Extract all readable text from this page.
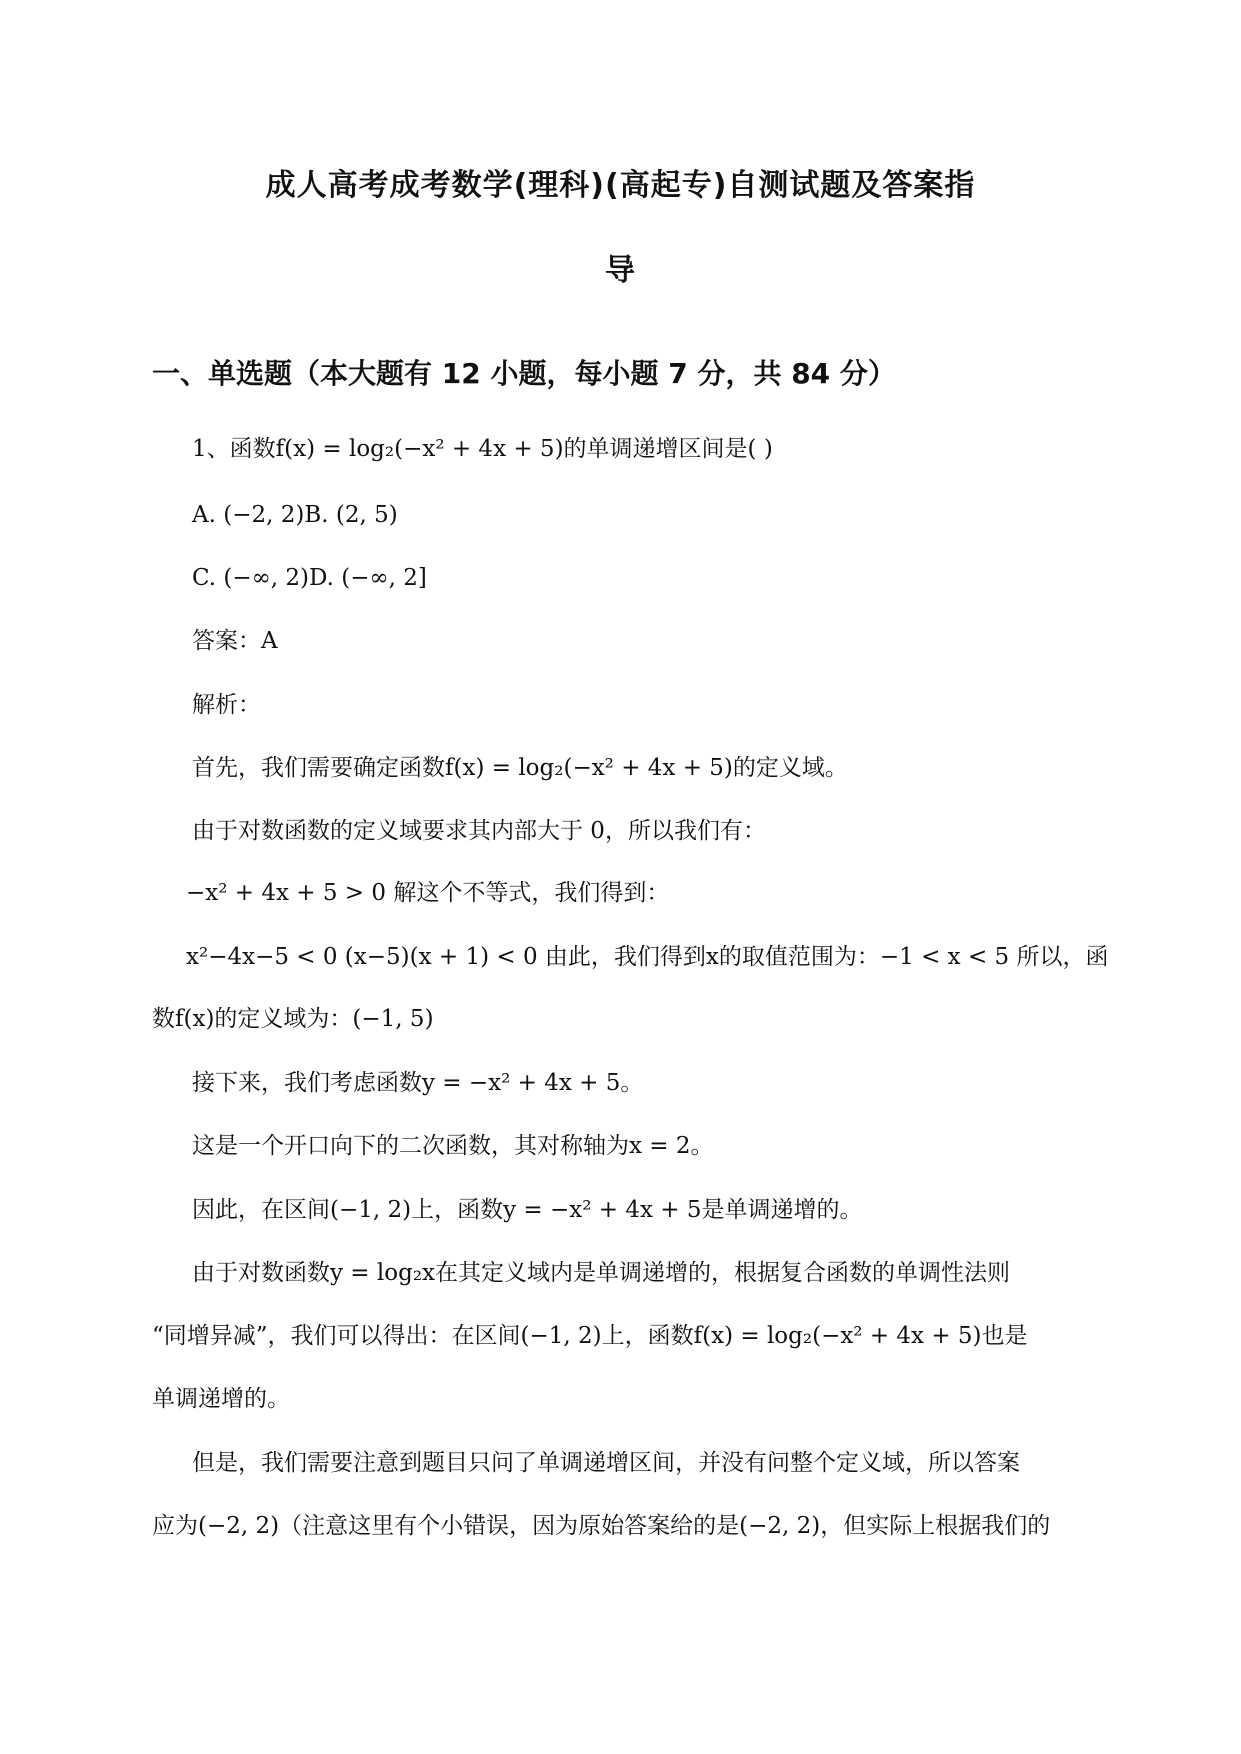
成人高考成考数学(理科)(高起专)自测试题及答案指
导
一、单选题（本大题有 12 小题，每小题 7 分，共 84 分）
1、函数f(x) = log₂(−x² + 4x + 5)的单调递增区间是( )
A. (−2, 2)B. (2, 5)
C. (−∞, 2)D. (−∞, 2]
答案：A
解析：
首先，我们需要确定函数f(x) = log₂(−x² + 4x + 5)的定义域。
由于对数函数的定义域要求其内部大于 0，所以我们有：
−x² + 4x + 5 > 0 解这个不等式，我们得到：
x²−4x−5 < 0 (x−5)(x + 1) < 0 由此，我们得到x的取值范围为：−1 < x < 5 所以，函
数f(x)的定义域为：(−1, 5)
接下来，我们考虑函数y = −x² + 4x + 5。
这是一个开口向下的二次函数，其对称轴为x = 2。
因此，在区间(−1, 2)上，函数y = −x² + 4x + 5是单调递增的。
由于对数函数y = log₂x在其定义域内是单调递增的，根据复合函数的单调性法则
“同增异减”，我们可以得出：在区间(−1, 2)上，函数f(x) = log₂(−x² + 4x + 5)也是
单调递增的。
但是，我们需要注意到题目只问了单调递增区间，并没有问整个定义域，所以答案
应为(−2, 2)（注意这里有个小错误，因为原始答案给的是(−2, 2)，但实际上根据我们的
